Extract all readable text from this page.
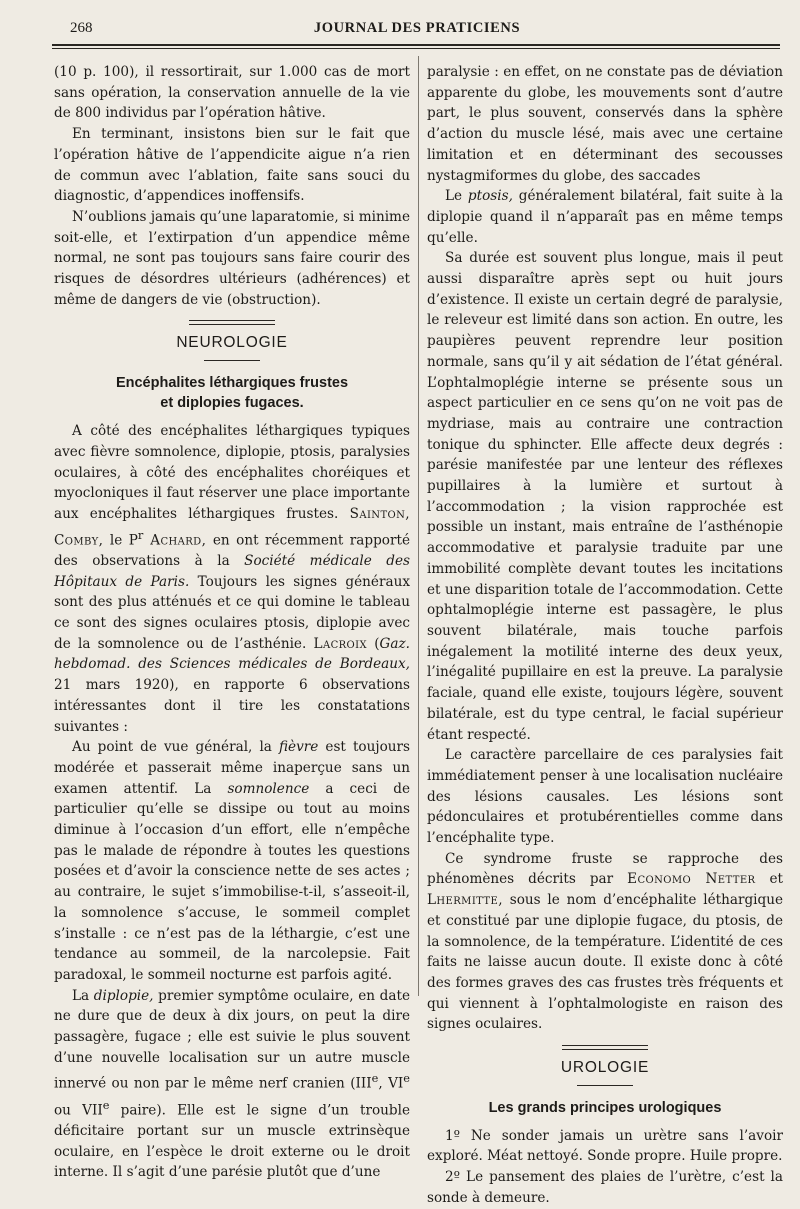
268	JOURNAL DES PRATICIENS

(10 p. 100), il ressortirait, sur 1.000 cas de mort sans opération, la conservation annuelle de la vie de 800 individus par l’opération hâtive.

En terminant, insistons bien sur le fait que l’opération hâtive de l’appendicite aigue n’a rien de commun avec l’ablation, faite sans souci du diagnostic, d’appendices inoffensifs.

N’oublions jamais qu’une laparatomie, si minime soit-elle, et l’extirpation d’un appendice même normal, ne sont pas toujours sans faire courir des risques de désordres ultérieurs (adhérences) et même de dangers de vie (obstruction).

NEUROLOGIE
Encéphalites léthargiques frustes
et diplopies fugaces.

A côté des encéphalites léthargiques typiques avec fièvre somnolence, diplopie, ptosis, paralysies oculaires, à côté des encéphalites choréiques et myocloniques il faut réserver une place importante aux encéphalites léthargiques frustes. Sainton, Comby, le $P^r$ Achard, en ont récemment rapporté des observations à la Société médicale des Hôpitaux de Paris. Toujours les signes généraux sont des plus atténués et ce qui domine le tableau ce sont des signes oculaires ptosis, diplopie avec de la somnolence ou de l’asthénie. Lacroix (Gaz. hebdomad. des Sciences médicales de Bordeaux, 21 mars 1920), en rapporte 6 observations intéressantes dont il tire les constatations suivantes :

Au point de vue général, la fièvre est toujours modérée et passerait même inaperçue sans un examen attentif. La somnolence a ceci de particulier qu’elle se dissipe ou tout au moins diminue à l’occasion d’un effort, elle n’empêche pas le malade de répondre à toutes les questions posées et d’avoir la conscience nette de ses actes ; au contraire, le sujet s’immobilise-t-il, s’asseoit-il, la somnolence s’accuse, le sommeil complet s’installe : ce n’est pas de la léthargie, c’est une tendance au sommeil, de la narcolepsie. Fait paradoxal, le sommeil nocturne est parfois agité.

La diplopie, premier symptôme oculaire, en date ne dure que de deux à dix jours, on peut la dire passagère, fugace ; elle est suivie le plus souvent d’une nouvelle localisation sur un autre muscle innervé ou non par le même nerf cranien (IIIe, VIe ou VIIe paire). Elle est le signe d’un trouble déficitaire portant sur un muscle extrinsèque oculaire, en l’espèce le droit externe ou le droit interne. Il s’agit d’une parésie plutôt que d’une

paralysie : en effet, on ne constate pas de déviation apparente du globe, les mouvements sont d’autre part, le plus souvent, conservés dans la sphère d’action du muscle lésé, mais avec une certaine limitation et en déterminant des secousses nystagmiformes du globe, des saccades

Le ptosis, généralement bilatéral, fait suite à la diplopie quand il n’apparaît pas en même temps qu’elle.

Sa durée est souvent plus longue, mais il peut aussi disparaître après sept ou huit jours d’existence. Il existe un certain degré de paralysie, le releveur est limité dans son action. En outre, les paupières peuvent reprendre leur position normale, sans qu’il y ait sédation de l’état général. L’ophtalmoplégie interne se présente sous un aspect particulier en ce sens qu’on ne voit pas de mydriase, mais au contraire une contraction tonique du sphincter. Elle affecte deux degrés : parésie manifestée par une lenteur des réflexes pupillaires à la lumière et surtout à l’accommodation ; la vision rapprochée est possible un instant, mais entraîne de l’asthénopie accommodative et paralysie traduite par une immobilité complète devant toutes les incitations et une disparition totale de l’accommodation. Cette ophtalmoplégie interne est passagère, le plus souvent bilatérale, mais touche parfois inégalement la motilité interne des deux yeux, l’inégalité pupillaire en est la preuve. La paralysie faciale, quand elle existe, toujours légère, souvent bilatérale, est du type central, le facial supérieur étant respecté.

Le caractère parcellaire de ces paralysies fait immédiatement penser à une localisation nucléaire des lésions causales. Les lésions sont pédonculaires et protubérentielles comme dans l’encéphalite type.

Ce syndrome fruste se rapproche des phénomènes décrits par Economo Netter et Lhermitte, sous le nom d’encéphalite léthargique et constitué par une diplopie fugace, du ptosis, de la somnolence, de la température. L’identité de ces faits ne laisse aucun doute. Il existe donc à côté des formes graves des cas frustes très fréquents et qui viennent à l’ophtalmologiste en raison des signes oculaires.

UROLOGIE
Les grands principes urologiques

1º Ne sonder jamais un urètre sans l’avoir exploré. Méat nettoyé. Sonde propre. Huile propre.

2º Le pansement des plaies de l’urètre, c’est la sonde à demeure.
